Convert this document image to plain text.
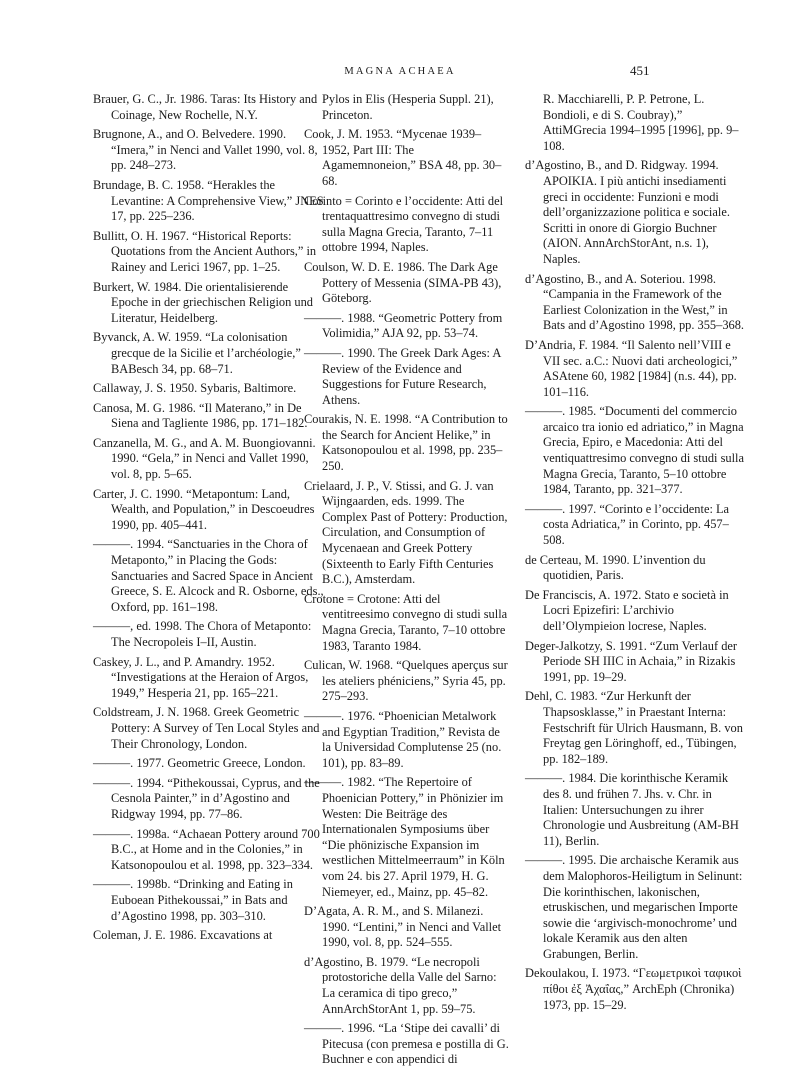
MAGNA ACHAEA	451

Brauer, G. C., Jr. 1986. Taras: Its History and Coinage, New Rochelle, N.Y.

Brugnone, A., and O. Belvedere. 1990. “Imera,” in Nenci and Vallet 1990, vol. 8, pp. 248–273.

Brundage, B. C. 1958. “Herakles the Levantine: A Comprehensive View,” JNES 17, pp. 225–236.

Bullitt, O. H. 1967. “Historical Reports: Quotations from the Ancient Authors,” in Rainey and Lerici 1967, pp. 1–25.

Burkert, W. 1984. Die orientalisierende Epoche in der griechischen Religion und Literatur, Heidelberg.

Byvanck, A. W. 1959. “La colonisation grecque de la Sicilie et l’archéologie,” BABesch 34, pp. 68–71.

Callaway, J. S. 1950. Sybaris, Baltimore.

Canosa, M. G. 1986. “Il Materano,” in De Siena and Tagliente 1986, pp. 171–182.

Canzanella, M. G., and A. M. Buongiovanni. 1990. “Gela,” in Nenci and Vallet 1990, vol. 8, pp. 5–65.

Carter, J. C. 1990. “Metapontum: Land, Wealth, and Population,” in Descoeudres 1990, pp. 405–441.

———. 1994. “Sanctuaries in the Chora of Metaponto,” in Placing the Gods: Sanctuaries and Sacred Space in Ancient Greece, S. E. Alcock and R. Osborne, eds., Oxford, pp. 161–198.

———, ed. 1998. The Chora of Metaponto: The Necropoleis I–II, Austin.

Caskey, J. L., and P. Amandry. 1952. “Investigations at the Heraion of Argos, 1949,” Hesperia 21, pp. 165–221.

Coldstream, J. N. 1968. Greek Geometric Pottery: A Survey of Ten Local Styles and Their Chronology, London.

———. 1977. Geometric Greece, London.

———. 1994. “Pithekoussai, Cyprus, and the Cesnola Painter,” in d’Agostino and Ridgway 1994, pp. 77–86.

———. 1998a. “Achaean Pottery around 700 B.C., at Home and in the Colonies,” in Katsonopoulou et al. 1998, pp. 323–334.

———. 1998b. “Drinking and Eating in Euboean Pithekoussai,” in Bats and d’Agostino 1998, pp. 303–310.

Coleman, J. E. 1986. Excavations at

Pylos in Elis (Hesperia Suppl. 21), Princeton.

Cook, J. M. 1953. “Mycenae 1939–1952, Part III: The Agamemnoneion,” BSA 48, pp. 30–68.

Corinto = Corinto e l’occidente: Atti del trentaquattresimo convegno di studi sulla Magna Grecia, Taranto, 7–11 ottobre 1994, Naples.

Coulson, W. D. E. 1986. The Dark Age Pottery of Messenia (SIMA-PB 43), Göteborg.

———. 1988. “Geometric Pottery from Volimidia,” AJA 92, pp. 53–74.

———. 1990. The Greek Dark Ages: A Review of the Evidence and Suggestions for Future Research, Athens.

Courakis, N. E. 1998. “A Contribution to the Search for Ancient Helike,” in Katsonopoulou et al. 1998, pp. 235–250.

Crielaard, J. P., V. Stissi, and G. J. van Wijngaarden, eds. 1999. The Complex Past of Pottery: Production, Circulation, and Consumption of Mycenaean and Greek Pottery (Sixteenth to Early Fifth Centuries B.C.), Amsterdam.

Crotone = Crotone: Atti del ventitreesimo convegno di studi sulla Magna Grecia, Taranto, 7–10 ottobre 1983, Taranto 1984.

Culican, W. 1968. “Quelques aperçus sur les ateliers phéniciens,” Syria 45, pp. 275–293.

———. 1976. “Phoenician Metalwork and Egyptian Tradition,” Revista de la Universidad Complutense 25 (no. 101), pp. 83–89.

———. 1982. “The Repertoire of Phoenician Pottery,” in Phönizier im Westen: Die Beiträge des Internationalen Symposiums über “Die phönizische Expansion im westlichen Mittelmeerraum” in Köln vom 24. bis 27. April 1979, H. G. Niemeyer, ed., Mainz, pp. 45–82.

D’Agata, A. R. M., and S. Milanezi. 1990. “Lentini,” in Nenci and Vallet 1990, vol. 8, pp. 524–555.

d’Agostino, B. 1979. “Le necropoli protostoriche della Valle del Sarno: La ceramica di tipo greco,” AnnArchStorAnt 1, pp. 59–75.

———. 1996. “La ‘Stipe dei cavalli’ di Pitecusa (con premesa e postilla di G. Buchner e con appendici di

R. Macchiarelli, P. P. Petrone, L. Bondioli, e di S. Coubray),” AttiMGrecia 1994–1995 [1996], pp. 9–108.

d’Agostino, B., and D. Ridgway. 1994. APOIKIA. I più antichi insediamenti greci in occidente: Funzioni e modi dell’organizzazione politica e sociale. Scritti in onore di Giorgio Buchner (AION. AnnArchStorAnt, n.s. 1), Naples.

d’Agostino, B., and A. Soteriou. 1998. “Campania in the Framework of the Earliest Colonization in the West,” in Bats and d’Agostino 1998, pp. 355–368.

D’Andria, F. 1984. “Il Salento nell’VIII e VII sec. a.C.: Nuovi dati archeologici,” ASAtene 60, 1982 [1984] (n.s. 44), pp. 101–116.

———. 1985. “Documenti del commercio arcaico tra ionio ed adriatico,” in Magna Grecia, Epiro, e Macedonia: Atti del ventiquattresimo convegno di studi sulla Magna Grecia, Taranto, 5–10 ottobre 1984, Taranto, pp. 321–377.

———. 1997. “Corinto e l’occidente: La costa Adriatica,” in Corinto, pp. 457–508.

de Certeau, M. 1990. L’invention du quotidien, Paris.

De Franciscis, A. 1972. Stato e società in Locri Epizefiri: L’archivio dell’Olympieion locrese, Naples.

Deger-Jalkotzy, S. 1991. “Zum Verlauf der Periode SH IIIC in Achaia,” in Rizakis 1991, pp. 19–29.

Dehl, C. 1983. “Zur Herkunft der Thapsosklasse,” in Praestant Interna: Festschrift für Ulrich Hausmann, B. von Freytag gen Löringhoff, ed., Tübingen, pp. 182–189.

———. 1984. Die korinthische Keramik des 8. und frühen 7. Jhs. v. Chr. in Italien: Untersuchungen zu ihrer Chronologie und Ausbreitung (AM-BH 11), Berlin.

———. 1995. Die archaische Keramik aus dem Malophoros-Heiligtum in Selinunt: Die korinthischen, lakonischen, etruskischen, und megarischen Importe sowie die ‘argivisch-monochrome’ und lokale Keramik aus den alten Grabungen, Berlin.

Dekoulakou, I. 1973. “Γεωμετρικοὶ ταφικοὶ πίθοι ἐξ Ἀχαΐας,” ArchEph (Chronika) 1973, pp. 15–29.
